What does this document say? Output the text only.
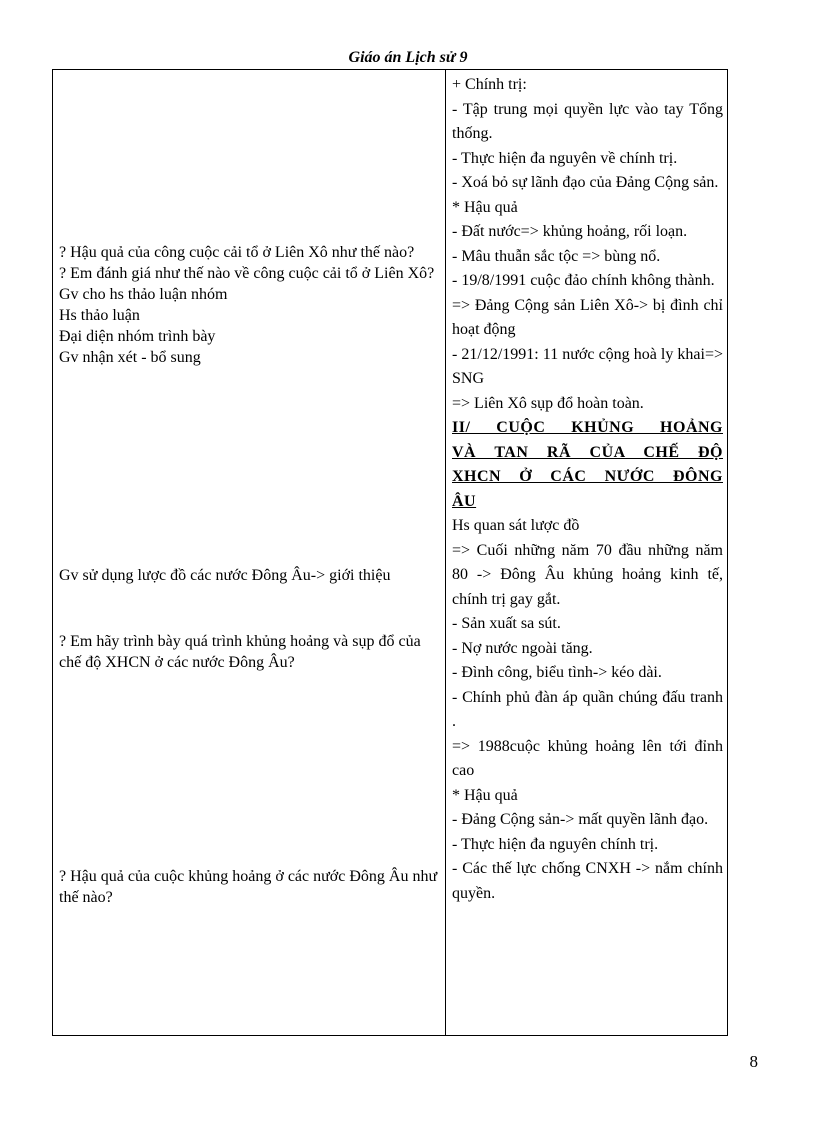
Giáo án Lịch sử 9

? Hậu quả của công cuộc cải tổ ở Liên Xô như thế nào?

? Em đánh giá như thế nào về công cuộc cải tổ ở Liên Xô?

Gv cho hs thảo luận nhóm

Hs thảo luận

Đại diện nhóm trình bày

Gv nhận xét - bổ sung

Gv sử dụng lược đồ các nước Đông Âu-> giới thiệu

? Em hãy trình bày quá trình khủng hoảng và sụp đổ của chế độ XHCN ở các nước Đông Âu?

? Hậu quả của cuộc khủng hoảng ở các nước Đông Âu như thế nào?

+ Chính trị:

- Tập trung mọi quyền lực vào tay Tổng thống.

- Thực hiện đa nguyên về chính trị.

- Xoá bỏ sự lãnh đạo của Đảng Cộng sản.

* Hậu quả

- Đất nước=> khủng hoảng, rối loạn.

- Mâu thuẫn sắc tộc => bùng nổ.

- 19/8/1991 cuộc đảo chính không thành.

=> Đảng Cộng sản Liên Xô-> bị đình chỉ hoạt động

- 21/12/1991: 11 nước cộng hoà ly khai=> SNG

=> Liên Xô sụp đổ hoàn toàn.

II/ CUỘC KHỦNG HOẢNG

VÀ TAN RÃ CỦA CHẾ ĐỘ

XHCN Ở CÁC NƯỚC ĐÔNG

ÂU

Hs quan sát lược đồ

=> Cuối những năm 70 đầu những năm 80 -> Đông Âu khủng hoảng kinh tế, chính trị gay gắt.

- Sản xuất sa sút.

- Nợ nước ngoài tăng.

- Đình công, biểu tình-> kéo dài.

- Chính phủ đàn áp quần chúng đấu tranh .

=> 1988cuộc khủng hoảng lên tới đỉnh cao

* Hậu quả

- Đảng Cộng sản-> mất quyền lãnh đạo.

- Thực hiện đa nguyên chính trị.

- Các thế lực chống CNXH -> nắm chính quyền.

8
